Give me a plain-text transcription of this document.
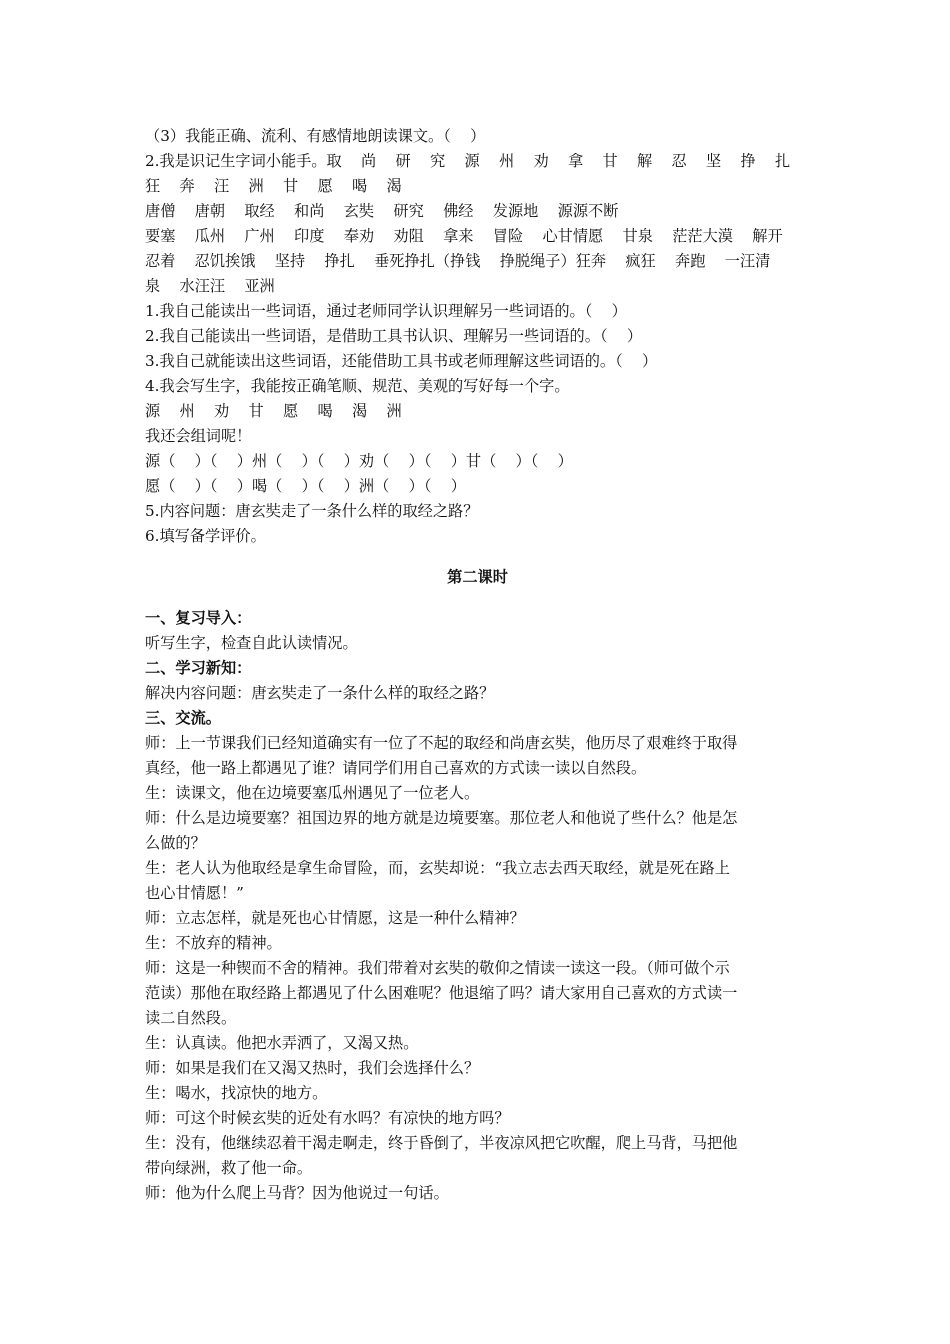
（3）我能正确、流利、有感情地朗读课文。（    ）
2.我是识记生字词小能手。取    尚    研    究    源    州    劝    拿    甘    解    忍    坚    挣    扎
狂    奔    汪    洲    甘    愿    喝    渴
唐僧    唐朝    取经    和尚    玄奘    研究    佛经    发源地    源源不断
要塞    瓜州    广州    印度    奉劝    劝阻    拿来    冒险    心甘情愿    甘泉    茫茫大漠    解开
忍着    忍饥挨饿    坚持    挣扎    垂死挣扎（挣钱    挣脱绳子）狂奔    疯狂    奔跑    一汪清
泉    水汪汪    亚洲
1.我自己能读出一些词语，通过老师同学认识理解另一些词语的。（    ）
2.我自己能读出一些词语，是借助工具书认识、理解另一些词语的。（    ）
3.我自己就能读出这些词语，还能借助工具书或老师理解这些词语的。（    ）
4.我会写生字，我能按正确笔顺、规范、美观的写好每一个字。
源    州    劝    甘    愿    喝    渴    洲
我还会组词呢！
源（    ）（    ）州（    ）（    ）劝（    ）（    ）甘（    ）（    ）
愿（    ）（    ）喝（    ）（    ）洲（    ）（    ）
5.内容问题：唐玄奘走了一条什么样的取经之路？
6.填写备学评价。
第二课时
一、复习导入：
听写生字，检查自此认读情况。
二、学习新知：
解决内容问题：唐玄奘走了一条什么样的取经之路？
三、交流。
师：上一节课我们已经知道确实有一位了不起的取经和尚唐玄奘，他历尽了艰难终于取得
真经，他一路上都遇见了谁？请同学们用自己喜欢的方式读一读以自然段。
生：读课文，他在边境要塞瓜州遇见了一位老人。
师：什么是边境要塞？祖国边界的地方就是边境要塞。那位老人和他说了些什么？他是怎
么做的？
生：老人认为他取经是拿生命冒险，而，玄奘却说：“我立志去西天取经，就是死在路上
也心甘情愿！”
师：立志怎样，就是死也心甘情愿，这是一种什么精神？
生：不放弃的精神。
师：这是一种锲而不舍的精神。我们带着对玄奘的敬仰之情读一读这一段。（师可做个示
范读）那他在取经路上都遇见了什么困难呢？他退缩了吗？请大家用自己喜欢的方式读一
读二自然段。
生：认真读。他把水弄洒了，又渴又热。
师：如果是我们在又渴又热时，我们会选择什么？
生：喝水，找凉快的地方。
师：可这个时候玄奘的近处有水吗？有凉快的地方吗？
生：没有，他继续忍着干渴走啊走，终于昏倒了，半夜凉风把它吹醒，爬上马背，马把他
带向绿洲，救了他一命。
师：他为什么爬上马背？因为他说过一句话。
